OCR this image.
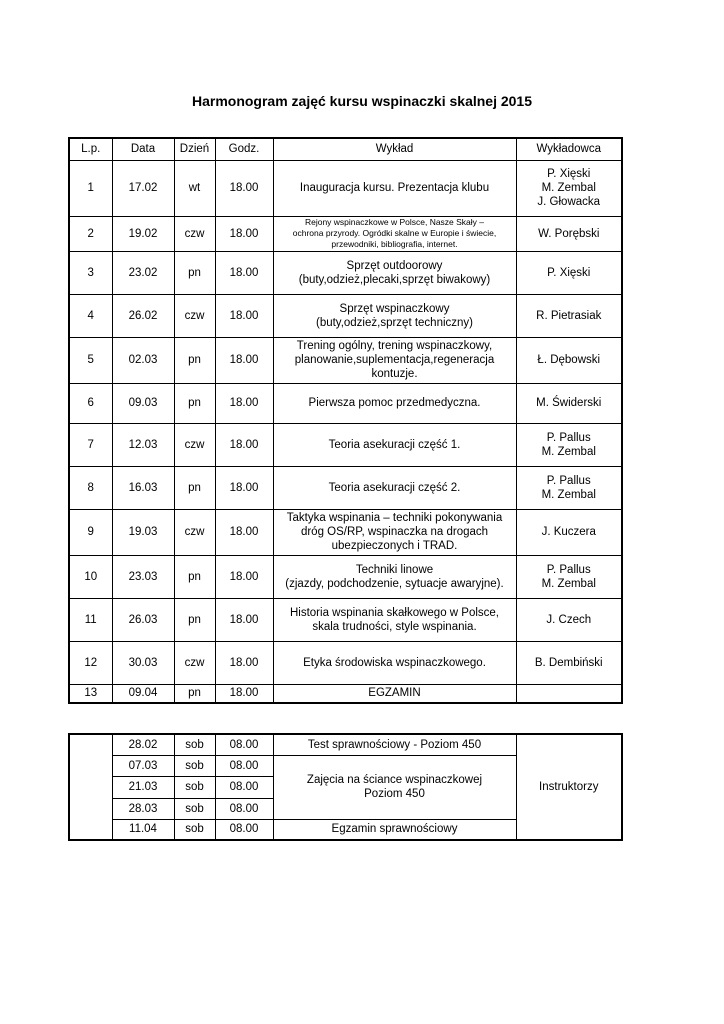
Harmonogram zajęć kursu wspinaczki skalnej 2015
L.p.	Data	Dzień	Godz.	Wykład	Wykładowca
1	17.02	wt	18.00	Inauguracja kursu. Prezentacja klubu	P. Xięski
M. Zembal
J. Głowacka
2	19.02	czw	18.00	Rejony wspinaczkowe w Polsce, Nasze Skały –
ochrona przyrody. Ogródki skalne w Europie i świecie,
przewodniki, bibliografia, internet.	W. Porębski
3	23.02	pn	18.00	Sprzęt outdoorowy
(buty,odzież,plecaki,sprzęt biwakowy)	P. Xięski
4	26.02	czw	18.00	Sprzęt wspinaczkowy
(buty,odzież,sprzęt techniczny)	R. Pietrasiak
5	02.03	pn	18.00	Trening ogólny, trening wspinaczkowy,
planowanie,suplementacja,regeneracja
kontuzje.	Ł. Dębowski
6	09.03	pn	18.00	Pierwsza pomoc przedmedyczna.	M. Świderski
7	12.03	czw	18.00	Teoria asekuracji część 1.	P. Pallus
M. Zembal
8	16.03	pn	18.00	Teoria asekuracji część 2.	P. Pallus
M. Zembal
9	19.03	czw	18.00	Taktyka wspinania – techniki pokonywania
dróg OS/RP, wspinaczka na drogach
ubezpieczonych i TRAD.	J. Kuczera
10	23.03	pn	18.00	Techniki linowe
(zjazdy, podchodzenie, sytuacje awaryjne).	P. Pallus
M. Zembal
11	26.03	pn	18.00	Historia wspinania skałkowego w Polsce,
skala trudności, style wspinania.	J. Czech
12	30.03	czw	18.00	Etyka środowiska wspinaczkowego.	B. Dembiński
13	09.04	pn	18.00	EGZAMIN	
	28.02	sob	08.00	Test sprawnościowy - Poziom 450	Instruktorzy
	07.03	sob	08.00	Zajęcia na ściance wspinaczkowej
Poziom 450	
	21.03	sob	08.00		
	28.03	sob	08.00		
	11.04	sob	08.00	Egzamin sprawnościowy	
